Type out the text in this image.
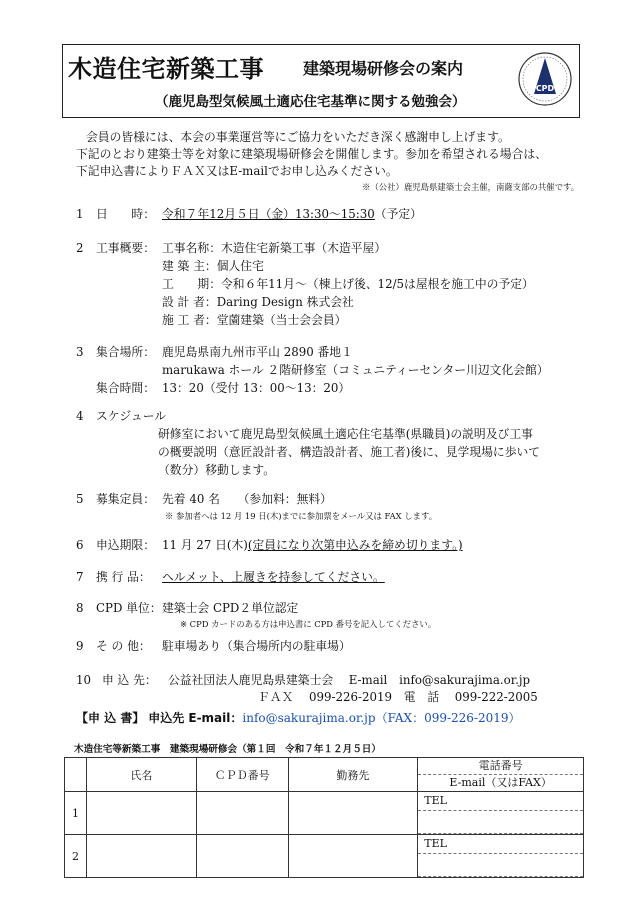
木造住宅新築工事 建築現場研修会の案内
（鹿児島型気候風土適応住宅基準に関する勉強会）
CPD
会員の皆様には、本会の事業運営等にご協力をいただき深く感謝申し上げます。
下記のとおり建築士等を対象に建築現場研修会を開催します。参加を希望される場合は、
下記申込書によりＦＡＸ又はE-mailでお申し込みください。
※（公社）鹿児島県建築士会主催，南薩支部の共催です。
1 日　　時： 令和７年12月５日（金）13:30～15:30（予定）
2 工事概要： 工事名称：木造住宅新築工事（木造平屋）
建 築 主：個人住宅
工　　期：令和６年11月～（棟上げ後、12/5は屋根を施工中の予定）
設 計 者：Daring Design 株式会社
施 工 者：堂薗建築（当士会会員）
3 集合場所： 鹿児島県南九州市平山 2890 番地１
marukawa ホール ２階研修室（コミュニティーセンター川辺文化会館）
集合時間： 13：20（受付 13：00～13：20）
4 スケジュール
研修室において鹿児島型気候風土適応住宅基準(県職員)の説明及び工事
の概要説明（意匠設計者、構造設計者、施工者)後に、見学現場に歩いて
（数分）移動します。
5 募集定員： 先着 40 名　　（参加料：無料）
※ 参加者へは 12 月 19 日(木)までに参加票をメール又は FAX します。
6 申込期限： 11 月 27 日(木)(定員になり次第申込みを締め切ります。)
7 携 行 品： ヘルメット、上履きを持参してください。
8 CPD 単位： 建築士会 CPD２単位認定
※ CPD カードのある方は申込書に CPD 番号を記入してください。
9 そ の 他： 駐車場あり（集合場所内の駐車場）
10 申 込 先： 公益社団法人鹿児島県建築士会　 E-mail　info@sakurajima.or.jp
ＦＡＸ　 099-226-2019　電　話　 099-222-2005
【申 込 書】 申込先 E-mail：info@sakurajima.or.jp（FAX：099-226-2019）
木造住宅等新築工事　建築現場研修会（第１回　令和７年１２月５日）
	氏名	ＣＰＤ番号	勤務先	電話番号
E-mail（又はFAX）

1				TEL

2				TEL
